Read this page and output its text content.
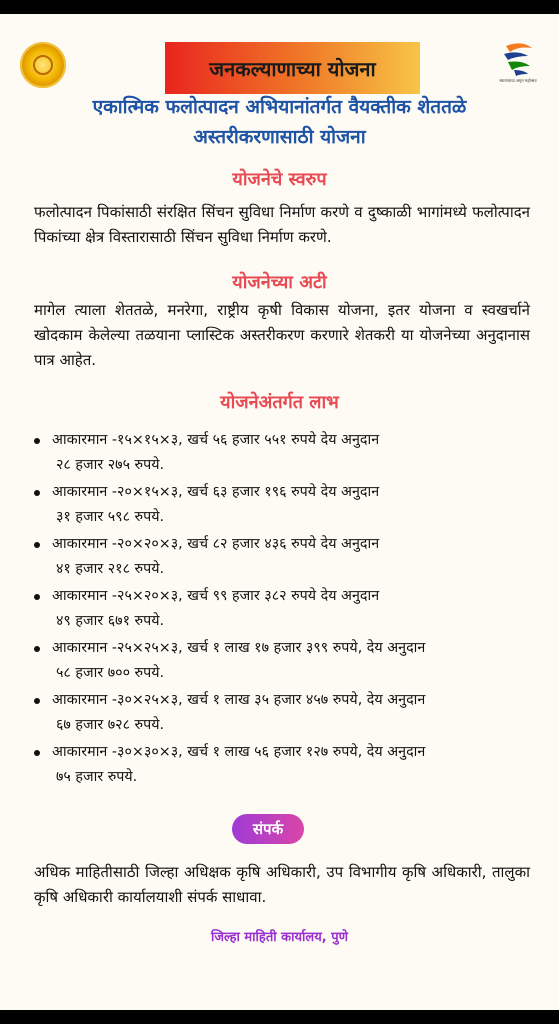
जनकल्याणाच्या योजना	स्वातंत्र्याचा अमृत महोत्सव
एकात्मिक फलोत्पादन अभियानांतर्गत वैयक्तीक शेततळे
अस्तरीकरणासाठी योजना
योजनेचे स्वरुप
फलोत्पादन पिकांसाठी संरक्षित सिंचन सुविधा निर्माण करणे व दुष्काळी भागांमध्ये फलोत्पादन पिकांच्या क्षेत्र विस्तारासाठी सिंचन सुविधा निर्माण करणे.
योजनेच्या अटी
मागेल त्याला शेततळे, मनरेगा, राष्ट्रीय कृषी विकास योजना, इतर योजना व स्वखर्चाने खोदकाम केलेल्या तळयाना प्लास्टिक अस्तरीकरण करणारे शेतकरी या योजनेच्या अनुदानास पात्र आहेत.
योजनेअंतर्गत लाभ
आकारमान -१५×१५×३, खर्च ५६ हजार ५५१ रुपये देय अनुदान
२८ हजार २७५ रुपये.
आकारमान -२०×१५×३, खर्च ६३ हजार १९६ रुपये देय अनुदान
३१ हजार ५९८ रुपये.
आकारमान -२०×२०×३, खर्च ८२ हजार ४३६ रुपये देय अनुदान
४१ हजार २१८ रुपये.
आकारमान -२५×२०×३, खर्च ९९ हजार ३८२ रुपये देय अनुदान
४९ हजार ६७१ रुपये.
आकारमान -२५×२५×३, खर्च १ लाख १७ हजार ३९९ रुपये, देय अनुदान
५८ हजार ७०० रुपये.
आकारमान -३०×२५×३, खर्च १ लाख ३५ हजार ४५७ रुपये, देय अनुदान
६७ हजार ७२८ रुपये.
आकारमान -३०×३०×३, खर्च १ लाख ५६ हजार १२७ रुपये, देय अनुदान
७५ हजार रुपये.
संपर्क
अधिक माहितीसाठी जिल्हा अधिक्षक कृषि अधिकारी, उप विभागीय कृषि अधिकारी, तालुका कृषि अधिकारी कार्यालयाशी संपर्क साधावा.
जिल्हा माहिती कार्यालय, पुणे
